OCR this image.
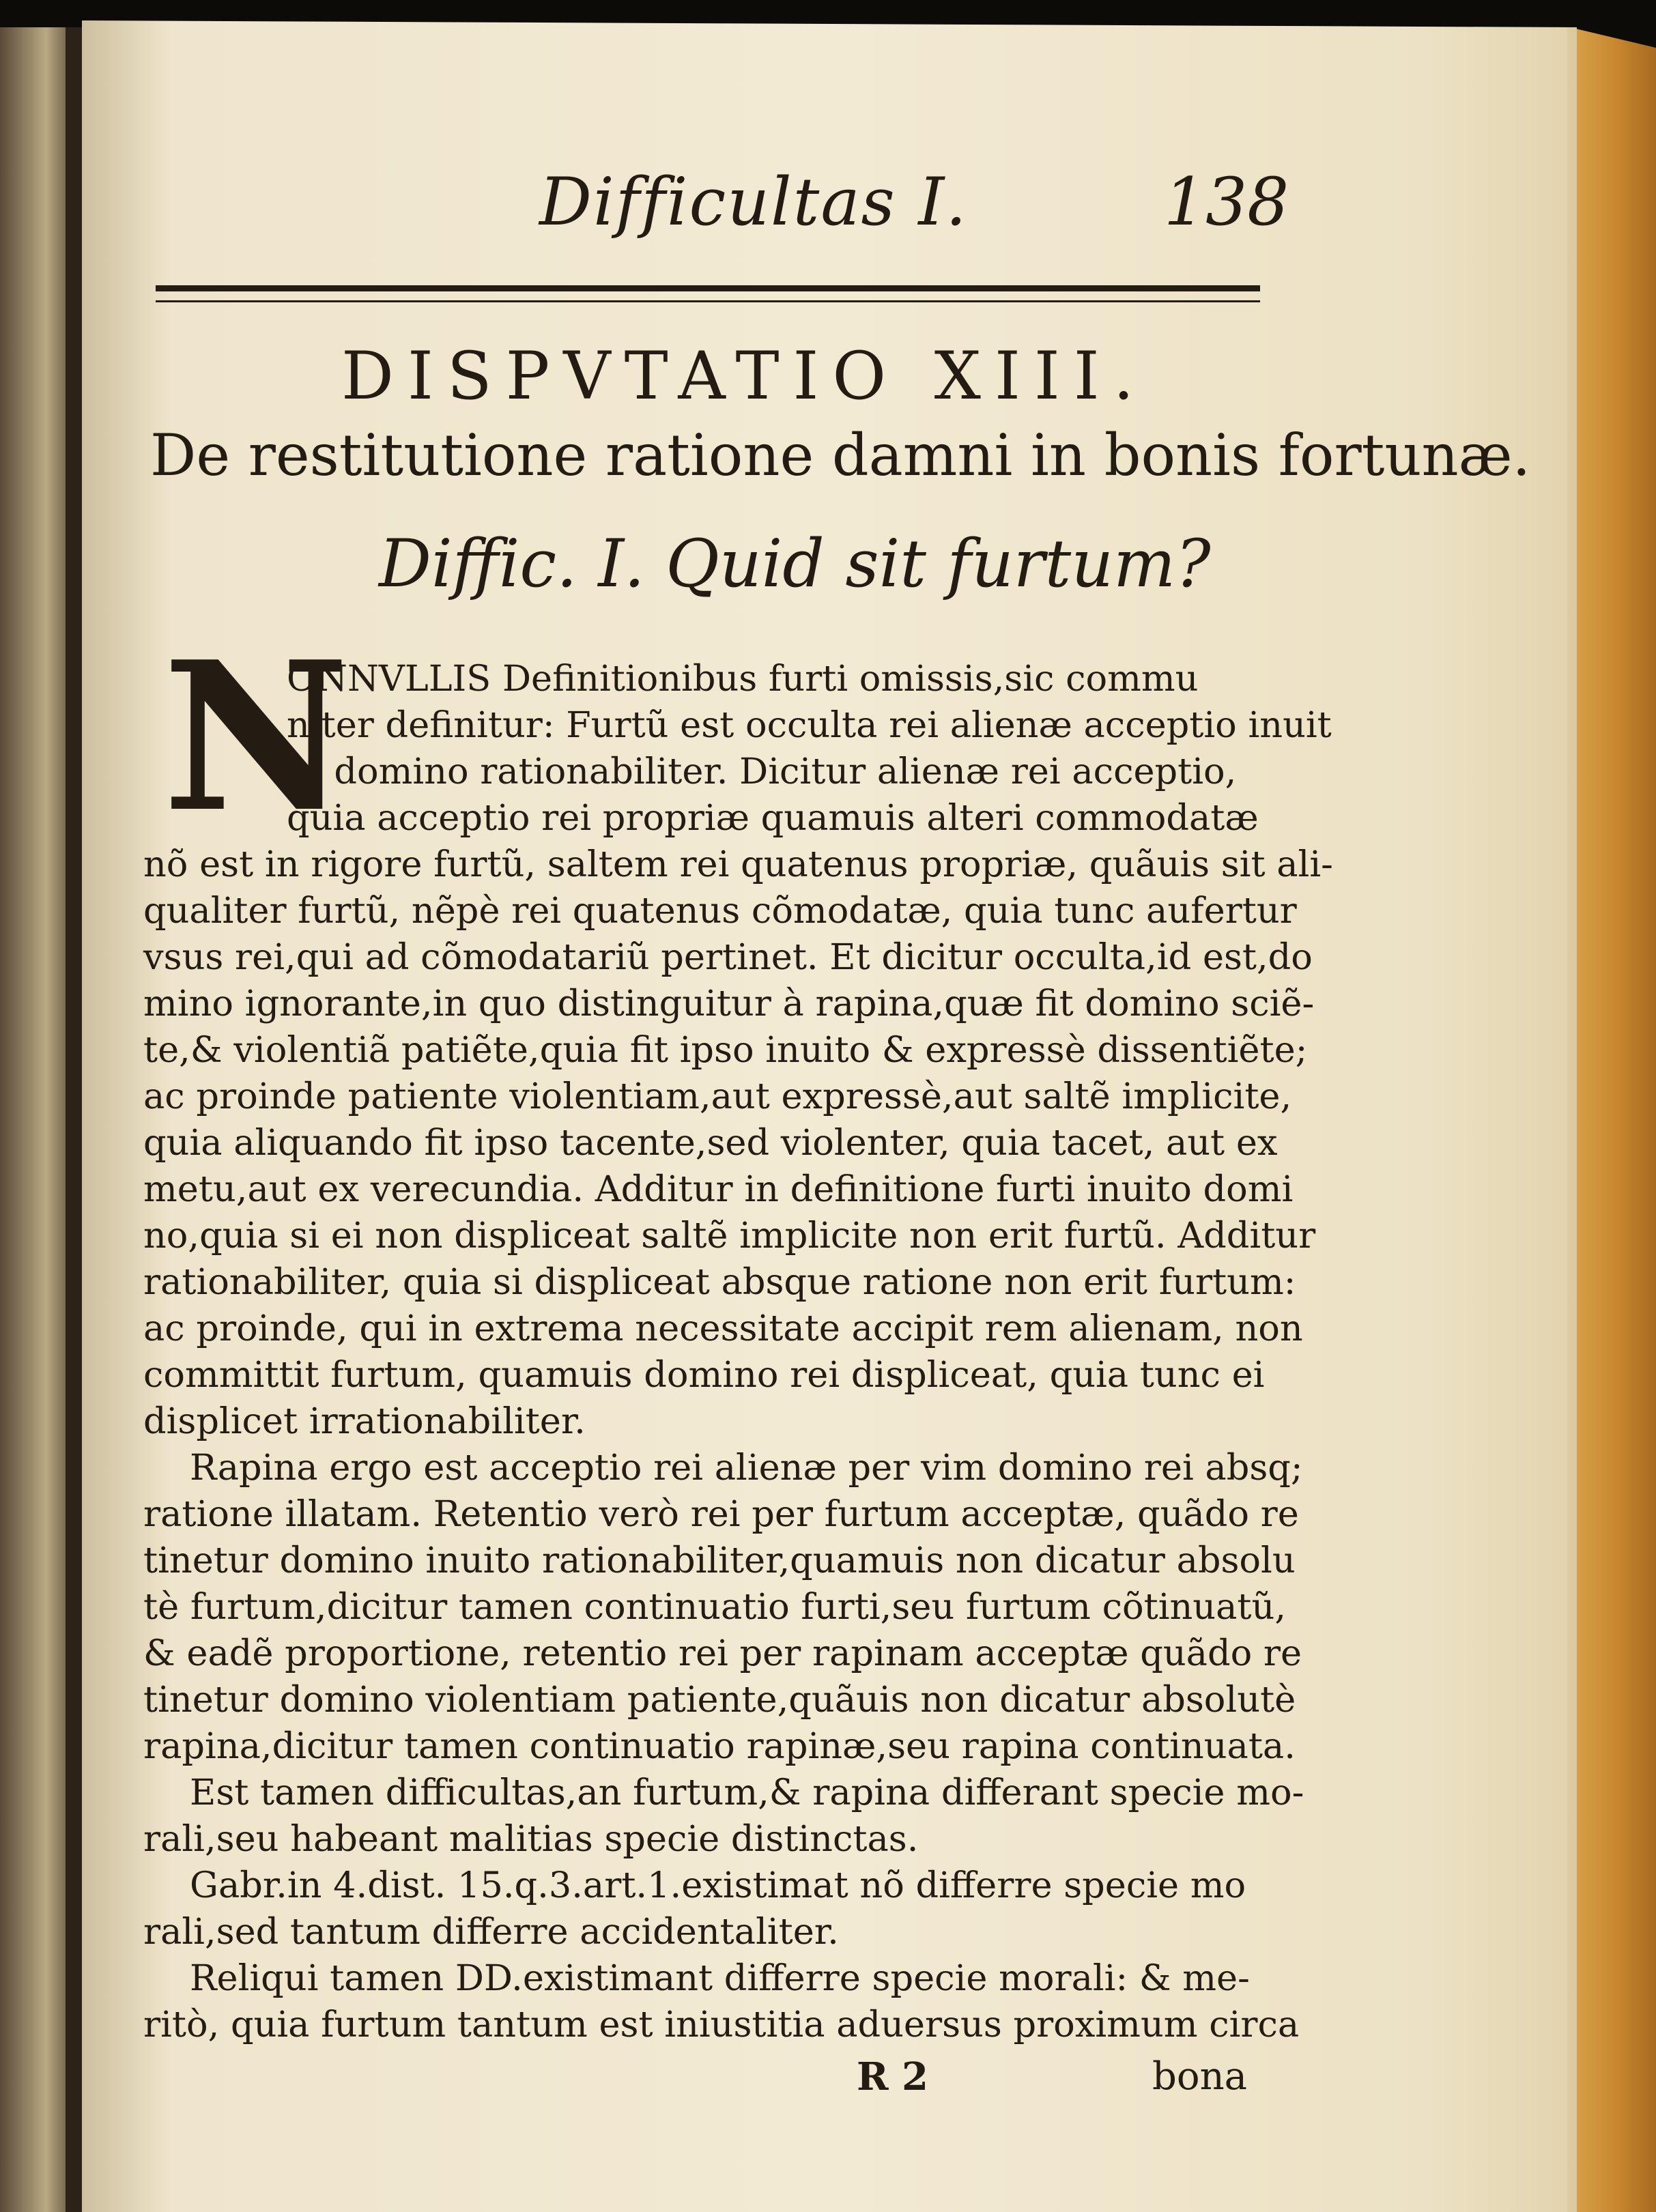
Difficultas I.	138
DISPVTATIO XIII.
De restitutione ratione damni in bonis fortunæ.
Diffic. I. Quid sit furtum?
N
ONNVLLIS Definitionibus furti omissis,sic commu
niter definitur: Furtũ est occulta rei alienæ acceptio inuit
to domino rationabiliter. Dicitur alienæ rei acceptio,
quia acceptio rei propriæ quamuis alteri commodatæ
nõ est in rigore furtũ, saltem rei quatenus propriæ, quãuis sit ali-
qualiter furtũ, nẽpè rei quatenus cõmodatæ, quia tunc aufertur
vsus rei,qui ad cõmodatariũ pertinet. Et dicitur occulta,id est,do
mino ignorante,in quo distinguitur à rapina,quæ fit domino sciẽ-
te,& violentiã patiẽte,quia fit ipso inuito & expressè dissentiẽte;
ac proinde patiente violentiam,aut expressè,aut saltẽ implicite,
quia aliquando fit ipso tacente,sed violenter, quia tacet, aut ex
metu,aut ex verecundia. Additur in definitione furti inuito domi
no,quia si ei non displiceat saltẽ implicite non erit furtũ. Additur
rationabiliter, quia si displiceat absque ratione non erit furtum:
ac proinde, qui in extrema necessitate accipit rem alienam, non
committit furtum, quamuis domino rei displiceat, quia tunc ei
displicet irrationabiliter.
Rapina ergo est acceptio rei alienæ per vim domino rei absq;
ratione illatam. Retentio verò rei per furtum acceptæ, quãdo re
tinetur domino inuito rationabiliter,quamuis non dicatur absolu
tè furtum,dicitur tamen continuatio furti,seu furtum cõtinuatũ,
& eadẽ proportione, retentio rei per rapinam acceptæ quãdo re
tinetur domino violentiam patiente,quãuis non dicatur absolutè
rapina,dicitur tamen continuatio rapinæ,seu rapina continuata.
Est tamen difficultas,an furtum,& rapina differant specie mo-
rali,seu habeant malitias specie distinctas.
Gabr.in 4.dist. 15.q.3.art.1.existimat nõ differre specie mo
rali,sed tantum differre accidentaliter.
Reliqui tamen DD.existimant differre specie morali: & me-
ritò, quia furtum tantum est iniustitia aduersus proximum circa
R 2	bona
